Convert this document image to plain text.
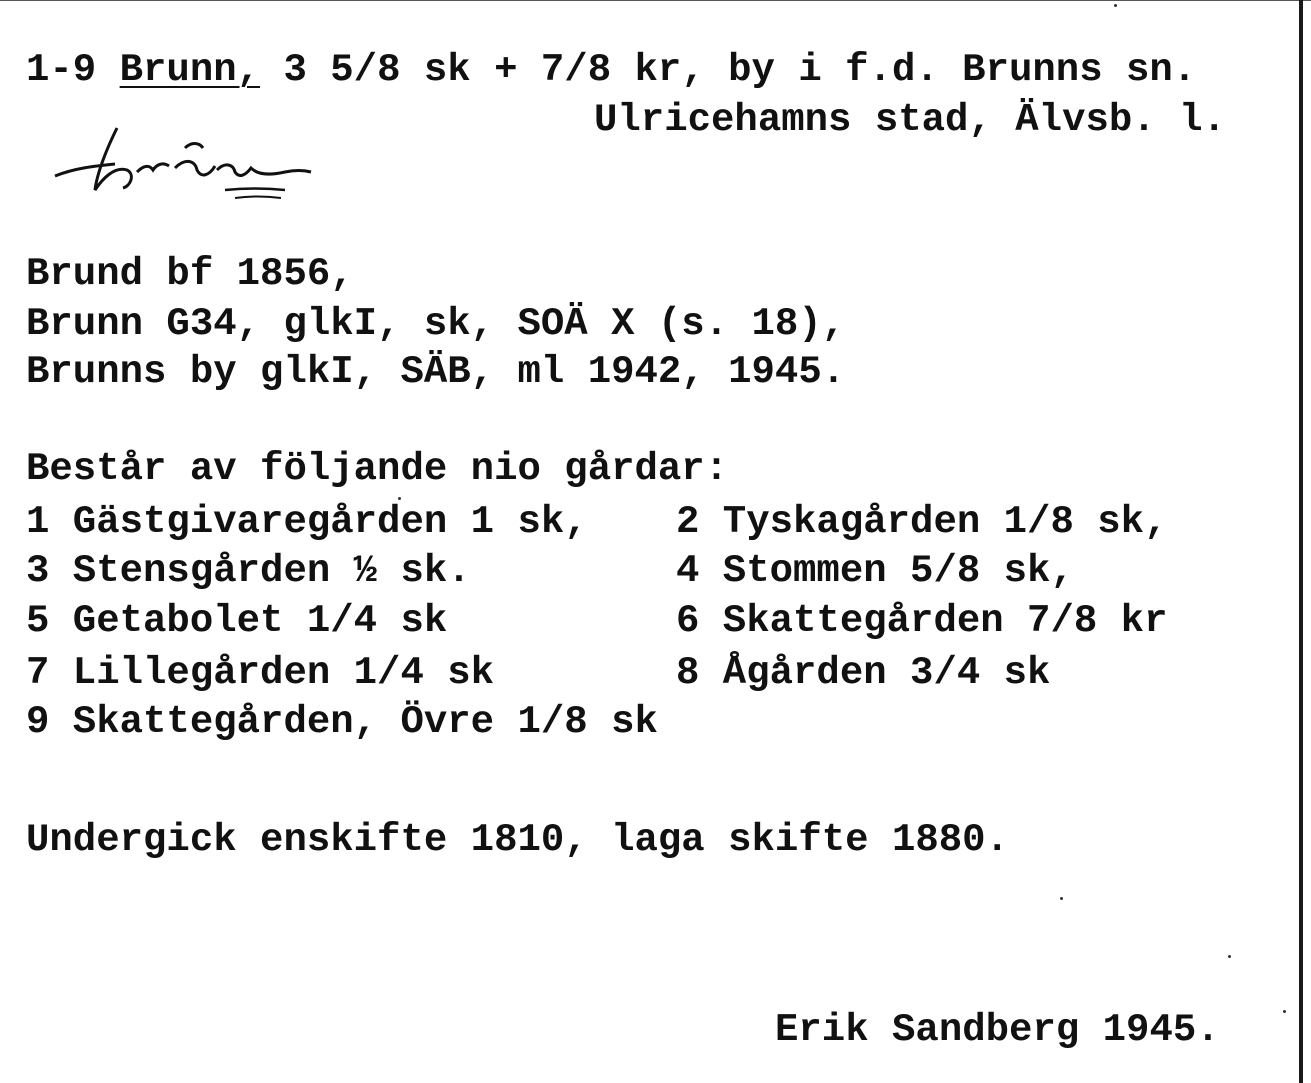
1-9 Brunn, 3 5/8 sk + 7/8 kr, by i f.d. Brunns sn.
Ulricehamns stad, Älvsb. l.
Brund bf 1856,
Brunn G34, glkI, sk, SOÄ X (s. 18),
Brunns by glkI, SÄB, ml 1942, 1945.
Består av följande nio gårdar:
1 Gästgivaregården 1 sk, 2 Tyskagården 1/8 sk,
3 Stensgården ½ sk.	4 Stommen 5/8 sk,
5 Getabolet 1/4 sk	6 Skattegården 7/8 kr
7 Lillegården 1/4 sk	8 Ågården 3/4 sk
9 Skattegården, Övre 1/8 sk
Undergick enskifte 1810, laga skifte 1880.
Erik Sandberg 1945.
